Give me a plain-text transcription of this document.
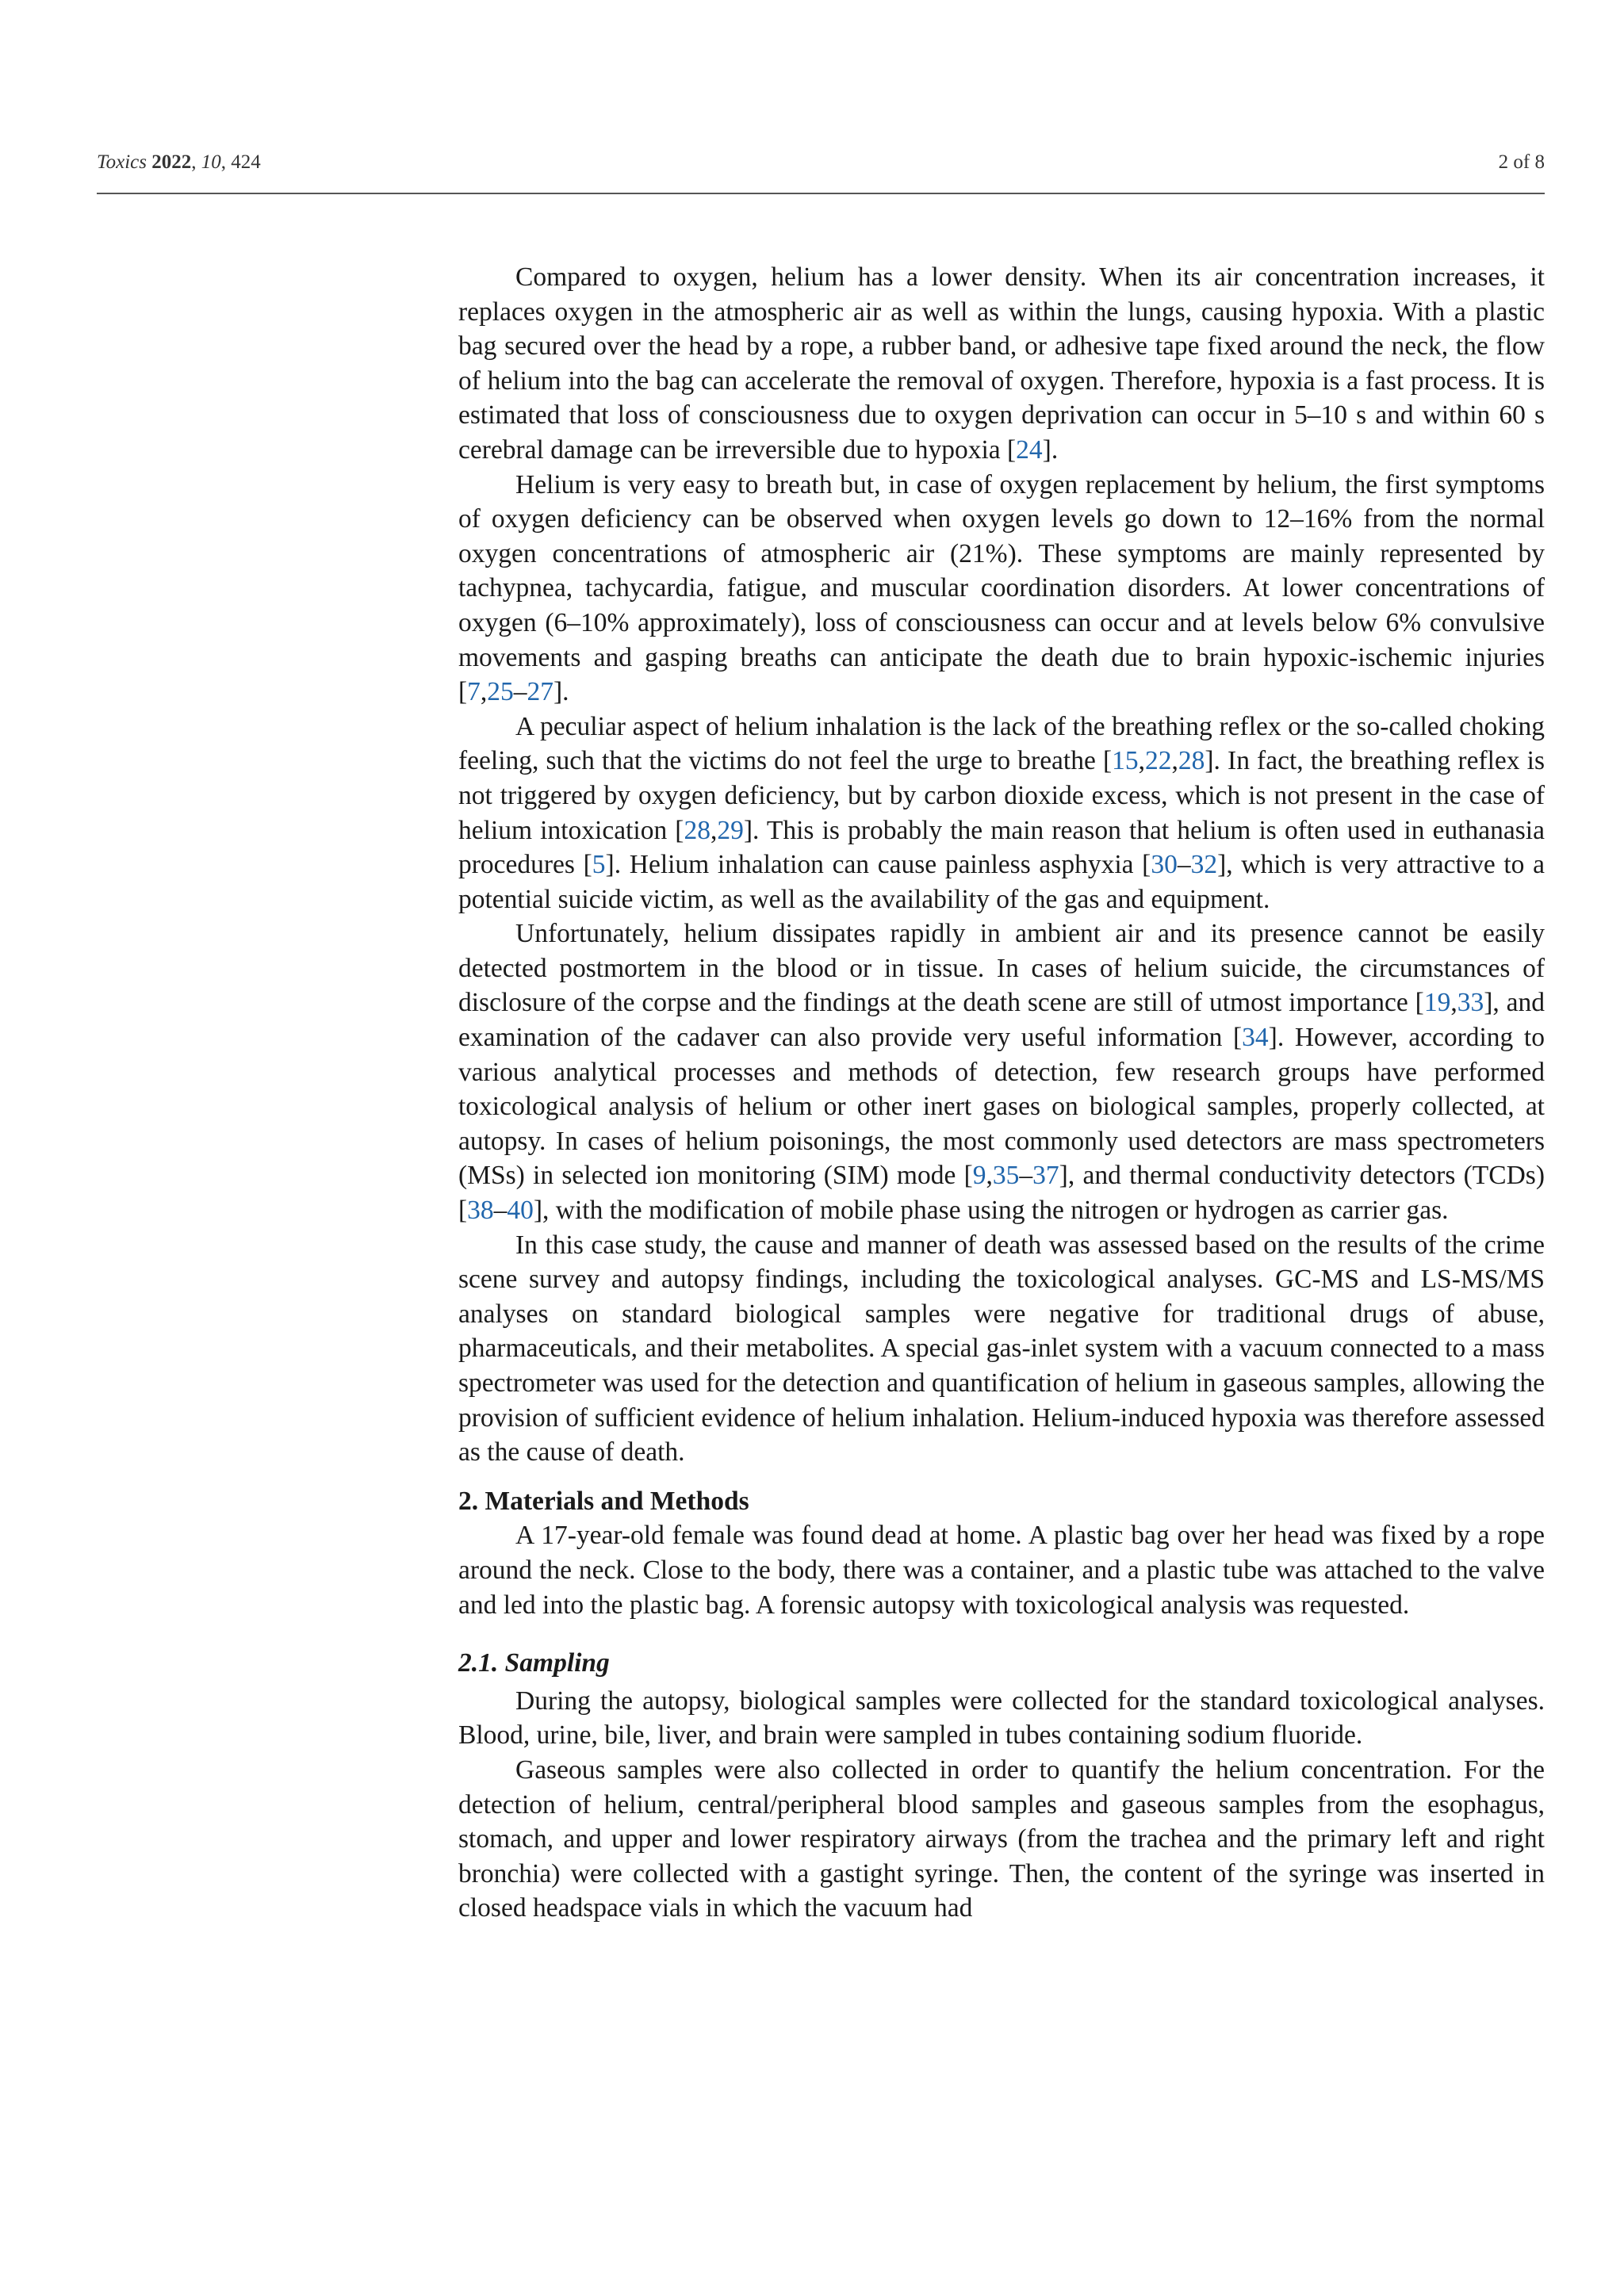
Toxics 2022, 10, 424	2 of 8

Compared to oxygen, helium has a lower density. When its air concentration increases, it replaces oxygen in the atmospheric air as well as within the lungs, causing hypoxia. With a plastic bag secured over the head by a rope, a rubber band, or adhesive tape fixed around the neck, the flow of helium into the bag can accelerate the removal of oxygen. Therefore, hypoxia is a fast process. It is estimated that loss of consciousness due to oxygen deprivation can occur in 5–10 s and within 60 s cerebral damage can be irreversible due to hypoxia [24].

Helium is very easy to breath but, in case of oxygen replacement by helium, the first symptoms of oxygen deficiency can be observed when oxygen levels go down to 12–16% from the normal oxygen concentrations of atmospheric air (21%). These symptoms are mainly represented by tachypnea, tachycardia, fatigue, and muscular coordination disorders. At lower concentrations of oxygen (6–10% approximately), loss of consciousness can occur and at levels below 6% convulsive movements and gasping breaths can anticipate the death due to brain hypoxic-ischemic injuries [7,25–27].

A peculiar aspect of helium inhalation is the lack of the breathing reflex or the so-called choking feeling, such that the victims do not feel the urge to breathe [15,22,28]. In fact, the breathing reflex is not triggered by oxygen deficiency, but by carbon dioxide excess, which is not present in the case of helium intoxication [28,29]. This is probably the main reason that helium is often used in euthanasia procedures [5]. Helium inhalation can cause painless asphyxia [30–32], which is very attractive to a potential suicide victim, as well as the availability of the gas and equipment.

Unfortunately, helium dissipates rapidly in ambient air and its presence cannot be easily detected postmortem in the blood or in tissue. In cases of helium suicide, the circumstances of disclosure of the corpse and the findings at the death scene are still of utmost importance [19,33], and examination of the cadaver can also provide very useful information [34]. However, according to various analytical processes and methods of detection, few research groups have performed toxicological analysis of helium or other inert gases on biological samples, properly collected, at autopsy. In cases of helium poisonings, the most commonly used detectors are mass spectrometers (MSs) in selected ion monitoring (SIM) mode [9,35–37], and thermal conductivity detectors (TCDs) [38–40], with the modification of mobile phase using the nitrogen or hydrogen as carrier gas.

In this case study, the cause and manner of death was assessed based on the results of the crime scene survey and autopsy findings, including the toxicological analyses. GC-MS and LS-MS/MS analyses on standard biological samples were negative for traditional drugs of abuse, pharmaceuticals, and their metabolites. A special gas-inlet system with a vacuum connected to a mass spectrometer was used for the detection and quantification of helium in gaseous samples, allowing the provision of sufficient evidence of helium inhalation. Helium-induced hypoxia was therefore assessed as the cause of death.

2. Materials and Methods

A 17-year-old female was found dead at home. A plastic bag over her head was fixed by a rope around the neck. Close to the body, there was a container, and a plastic tube was attached to the valve and led into the plastic bag. A forensic autopsy with toxicological analysis was requested.

2.1. Sampling

During the autopsy, biological samples were collected for the standard toxicological analyses. Blood, urine, bile, liver, and brain were sampled in tubes containing sodium fluoride.

Gaseous samples were also collected in order to quantify the helium concentration. For the detection of helium, central/peripheral blood samples and gaseous samples from the esophagus, stomach, and upper and lower respiratory airways (from the trachea and the primary left and right bronchia) were collected with a gastight syringe. Then, the content of the syringe was inserted in closed headspace vials in which the vacuum had
